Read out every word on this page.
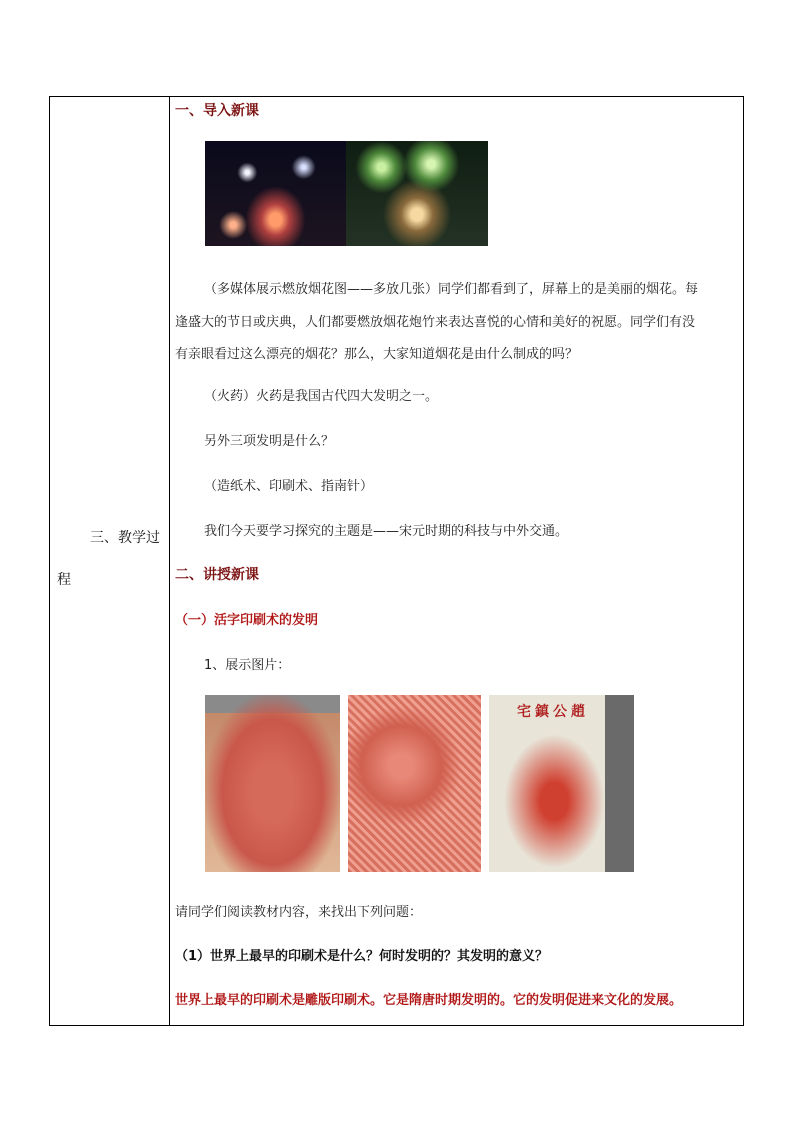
三、教学过
程
一、导入新课
（多媒体展示燃放烟花图——多放几张）同学们都看到了，屏幕上的是美丽的烟花。每
逢盛大的节日或庆典，人们都要燃放烟花炮竹来表达喜悦的心情和美好的祝愿。同学们有没
有亲眼看过这么漂亮的烟花？那么，大家知道烟花是由什么制成的吗？
（火药）火药是我国古代四大发明之一。
另外三项发明是什么？
（造纸术、印刷术、指南针）
我们今天要学习探究的主题是——宋元时期的科技与中外交通。
二、讲授新课
（一）活字印刷术的发明
1、展示图片：
宅鎮公趙
请同学们阅读教材内容，来找出下列问题：
（1）世界上最早的印刷术是什么？何时发明的？其发明的意义？
世界上最早的印刷术是雕版印刷术。它是隋唐时期发明的。它的发明促进来文化的发展。
